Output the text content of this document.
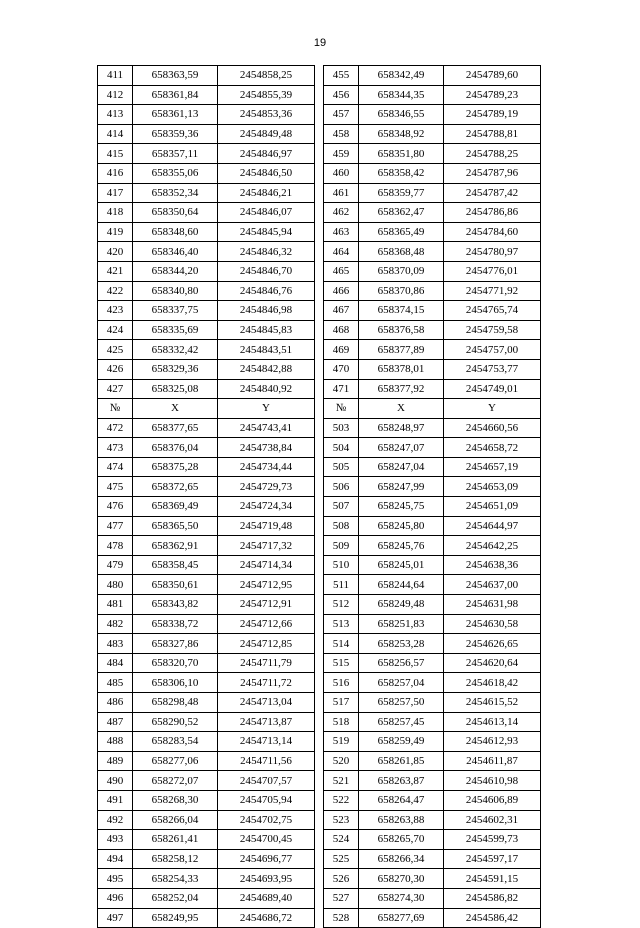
19
411	658363,59	2454858,25		455	658342,49	2454789,60
412	658361,84	2454855,39		456	658344,35	2454789,23
413	658361,13	2454853,36		457	658346,55	2454789,19
414	658359,36	2454849,48		458	658348,92	2454788,81
415	658357,11	2454846,97		459	658351,80	2454788,25
416	658355,06	2454846,50		460	658358,42	2454787,96
417	658352,34	2454846,21		461	658359,77	2454787,42
418	658350,64	2454846,07		462	658362,47	2454786,86
419	658348,60	2454845,94		463	658365,49	2454784,60
420	658346,40	2454846,32		464	658368,48	2454780,97
421	658344,20	2454846,70		465	658370,09	2454776,01
422	658340,80	2454846,76		466	658370,86	2454771,92
423	658337,75	2454846,98		467	658374,15	2454765,74
424	658335,69	2454845,83		468	658376,58	2454759,58
425	658332,42	2454843,51		469	658377,89	2454757,00
426	658329,36	2454842,88		470	658378,01	2454753,77
427	658325,08	2454840,92		471	658377,92	2454749,01
№	X	Y		№	X	Y
472	658377,65	2454743,41		503	658248,97	2454660,56
473	658376,04	2454738,84		504	658247,07	2454658,72
474	658375,28	2454734,44		505	658247,04	2454657,19
475	658372,65	2454729,73		506	658247,99	2454653,09
476	658369,49	2454724,34		507	658245,75	2454651,09
477	658365,50	2454719,48		508	658245,80	2454644,97
478	658362,91	2454717,32		509	658245,76	2454642,25
479	658358,45	2454714,34		510	658245,01	2454638,36
480	658350,61	2454712,95		511	658244,64	2454637,00
481	658343,82	2454712,91		512	658249,48	2454631,98
482	658338,72	2454712,66		513	658251,83	2454630,58
483	658327,86	2454712,85		514	658253,28	2454626,65
484	658320,70	2454711,79		515	658256,57	2454620,64
485	658306,10	2454711,72		516	658257,04	2454618,42
486	658298,48	2454713,04		517	658257,50	2454615,52
487	658290,52	2454713,87		518	658257,45	2454613,14
488	658283,54	2454713,14		519	658259,49	2454612,93
489	658277,06	2454711,56		520	658261,85	2454611,87
490	658272,07	2454707,57		521	658263,87	2454610,98
491	658268,30	2454705,94		522	658264,47	2454606,89
492	658266,04	2454702,75		523	658263,88	2454602,31
493	658261,41	2454700,45		524	658265,70	2454599,73
494	658258,12	2454696,77		525	658266,34	2454597,17
495	658254,33	2454693,95		526	658270,30	2454591,15
496	658252,04	2454689,40		527	658274,30	2454586,82
497	658249,95	2454686,72		528	658277,69	2454586,42
